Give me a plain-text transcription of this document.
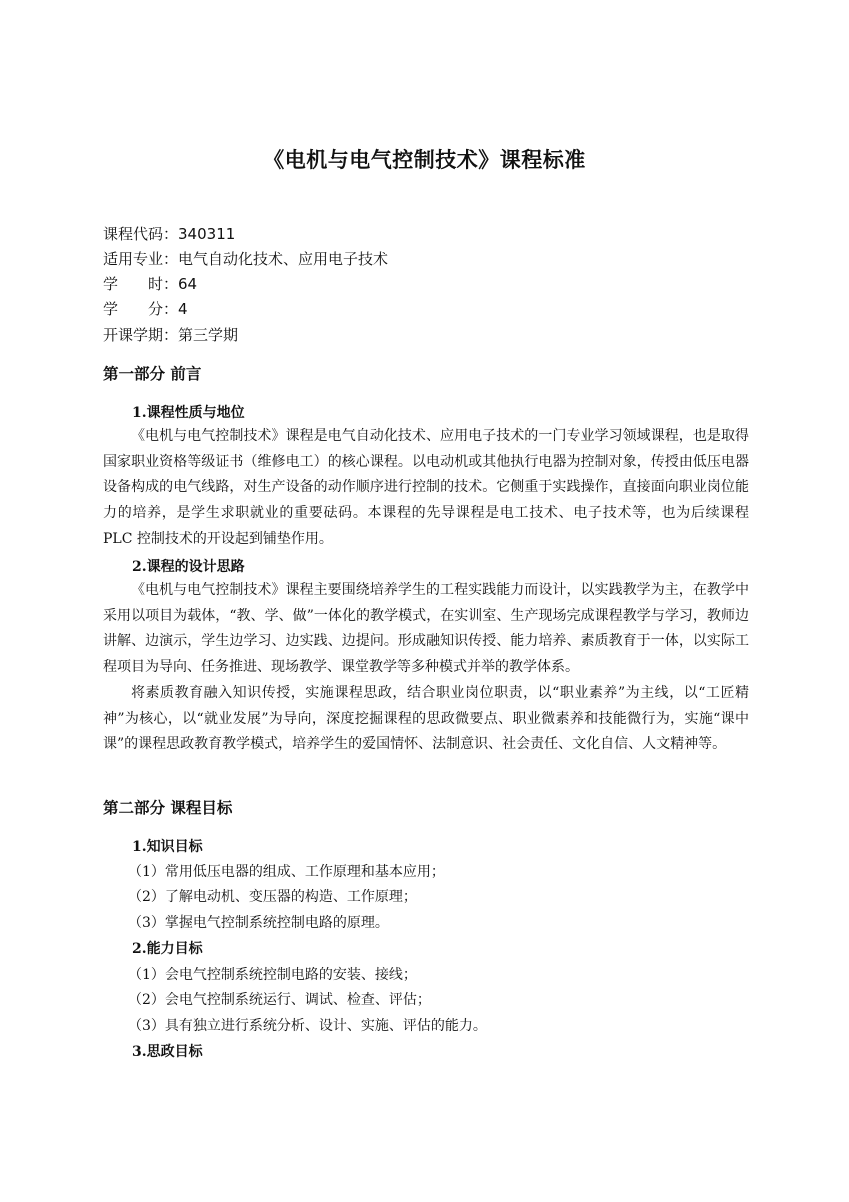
《电机与电气控制技术》课程标准
课程代码：340311
适用专业：电气自动化技术、应用电子技术
学　　时：64
学　　分：4
开课学期：第三学期
第一部分 前言
1.课程性质与地位
《电机与电气控制技术》课程是电气自动化技术、应用电子技术的一门专业学习领域课程，也是取得国家职业资格等级证书（维修电工）的核心课程。以电动机或其他执行电器为控制对象，传授由低压电器设备构成的电气线路，对生产设备的动作顺序进行控制的技术。它侧重于实践操作，直接面向职业岗位能力的培养，是学生求职就业的重要砝码。本课程的先导课程是电工技术、电子技术等，也为后续课程 PLC 控制技术的开设起到铺垫作用。
2.课程的设计思路
《电机与电气控制技术》课程主要围绕培养学生的工程实践能力而设计，以实践教学为主，在教学中采用以项目为载体，“教、学、做”一体化的教学模式，在实训室、生产现场完成课程教学与学习，教师边讲解、边演示，学生边学习、边实践、边提问。形成融知识传授、能力培养、素质教育于一体，以实际工程项目为导向、任务推进、现场教学、课堂教学等多种模式并举的教学体系。
将素质教育融入知识传授，实施课程思政，结合职业岗位职责，以“职业素养”为主线，以“工匠精神”为核心，以“就业发展”为导向，深度挖掘课程的思政微要点、职业微素养和技能微行为，实施“课中课”的课程思政教育教学模式，培养学生的爱国情怀、法制意识、社会责任、文化自信、人文精神等。
第二部分 课程目标
1.知识目标
（1）常用低压电器的组成、工作原理和基本应用；
（2）了解电动机、变压器的构造、工作原理；
（3）掌握电气控制系统控制电路的原理。
2.能力目标
（1）会电气控制系统控制电路的安装、接线；
（2）会电气控制系统运行、调试、检查、评估；
（3）具有独立进行系统分析、设计、实施、评估的能力。
3.思政目标
